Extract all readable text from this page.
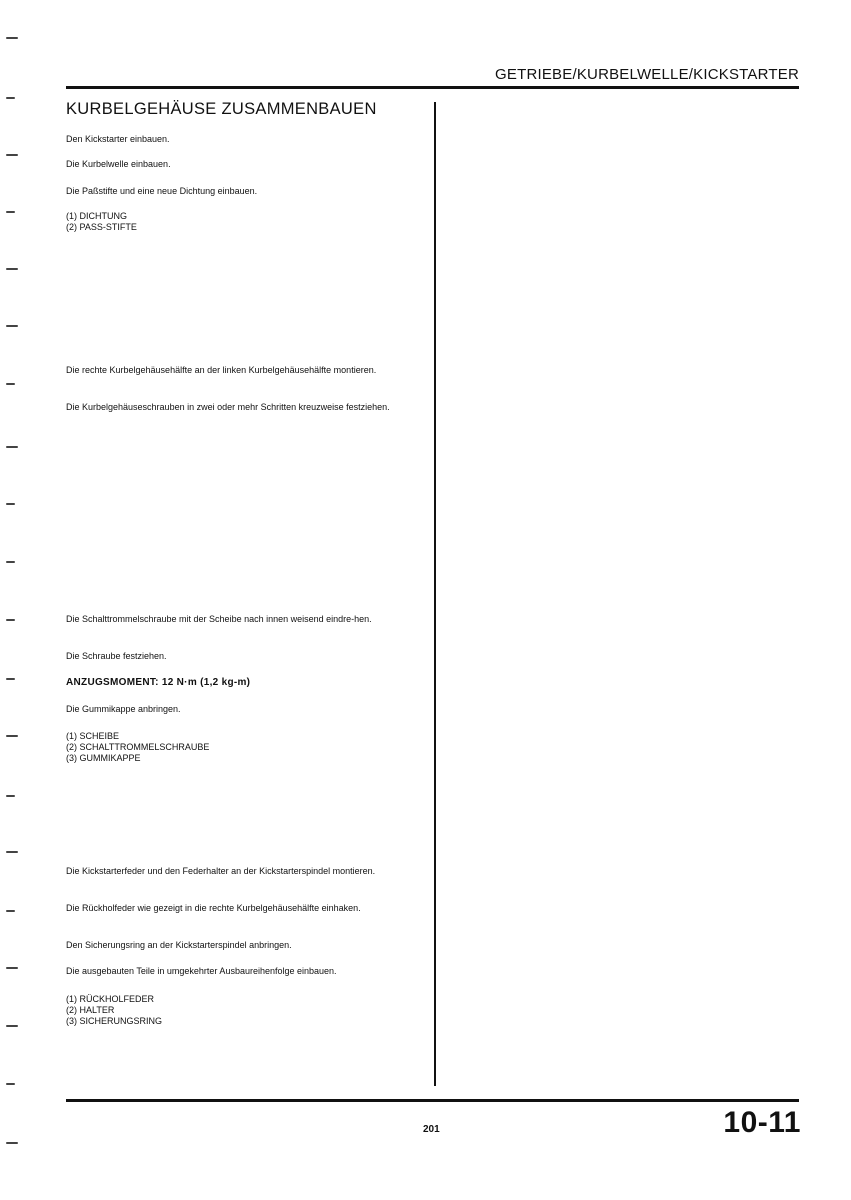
GETRIEBE/KURBELWELLE/KICKSTARTER
KURBELGEHÄUSE ZUSAMMENBAUEN

Den Kickstarter einbauen.

Die Kurbelwelle einbauen.

Die Paßstifte und eine neue Dichtung einbauen.

(1) DICHTUNG

(2) PASS-STIFTE

Die rechte Kurbelgehäusehälfte an der linken Kurbelgehäusehälfte montieren.

Die Kurbelgehäuseschrauben in zwei oder mehr Schritten kreuzweise festziehen.

Die Schalttrommelschraube mit der Scheibe nach innen weisend eindre-hen.

Die Schraube festziehen.

ANZUGSMOMENT: 12 N·m (1,2 kg-m)

Die Gummikappe anbringen.

(1) SCHEIBE

(2) SCHALTTROMMELSCHRAUBE

(3) GUMMIKAPPE

Die Kickstarterfeder und den Federhalter an der Kickstarterspindel montieren.

Die Rückholfeder wie gezeigt in die rechte Kurbelgehäusehälfte einhaken.

Den Sicherungsring an der Kickstarterspindel anbringen.

Die ausgebauten Teile in umgekehrter Ausbaureihenfolge einbauen.

(1) RÜCKHOLFEDER

(2) HALTER

(3) SICHERUNGSRING

201	10-11
